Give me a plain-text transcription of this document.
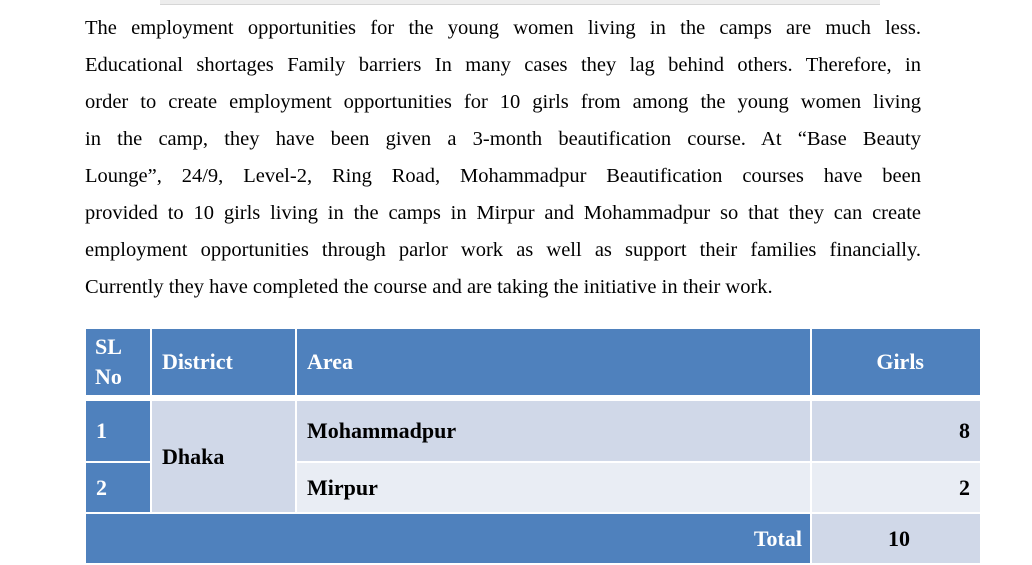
The employment opportunities for the young women living in the camps are much less.
Educational shortages Family barriers In many cases they lag behind others. Therefore, in
order to create employment opportunities for 10 girls from among the young women living
in the camp, they have been given a 3-month beautification course. At “Base Beauty
Lounge”, 24/9, Level-2, Ring Road, Mohammadpur Beautification courses have been
provided to 10 girls living in the camps in Mirpur and Mohammadpur so that they can create
employment opportunities through parlor work as well as support their families financially.
Currently they have completed the course and are taking the initiative in their work.
SL
No	District	Area	Girls

1	Dhaka	Mohammadpur	8
2		Mirpur	2
Total			10
